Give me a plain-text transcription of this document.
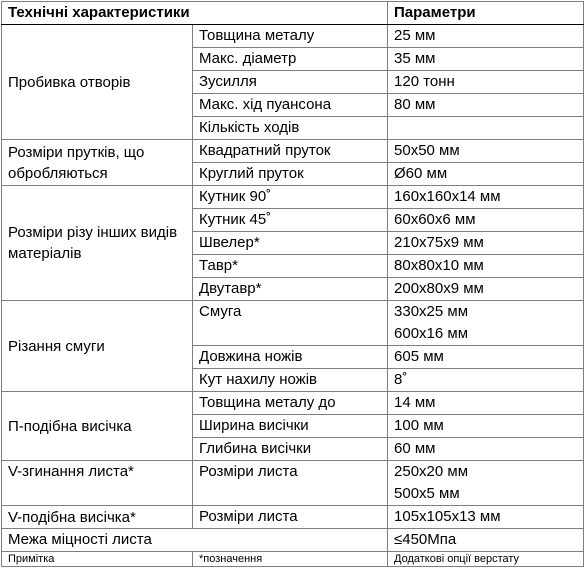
Технічні характеристики		Параметри
Пробивка отворів	Товщина металу	25 мм
	Макс. діаметр	35 мм
	Зусилля	120 тонн
	Макс. хід пуансона	80 мм
	Кількість ходів	
Розміри прутків, що обробляються	Квадратний пруток	50x50 мм
	Круглий пруток	Ø60 мм
Розміри різу інших видів матеріалів	Кутник 90˚	160x160x14 мм
	Кутник 45˚	60x60x6 мм
	Швелер*	210x75x9 мм
	Тавр*	80x80x10 мм
	Двутавр*	200x80x9 мм
Різання смуги	Смуга	330x25 мм
600x16 мм

	Довжина ножів	605 мм
	Кут нахилу ножів	8˚
П-подібна висічка	Товщина металу до	14 мм
	Ширина висічки	100 мм
	Глибина висічки	60 мм
V-згинання листа*	Розміри листа	250x20 мм
500x5 мм

V-подібна висічка*	Розміри листа	105x105x13 мм
Межа міцності листа		≤450Мпа
Примітка	*позначення	Додаткові опції верстату
